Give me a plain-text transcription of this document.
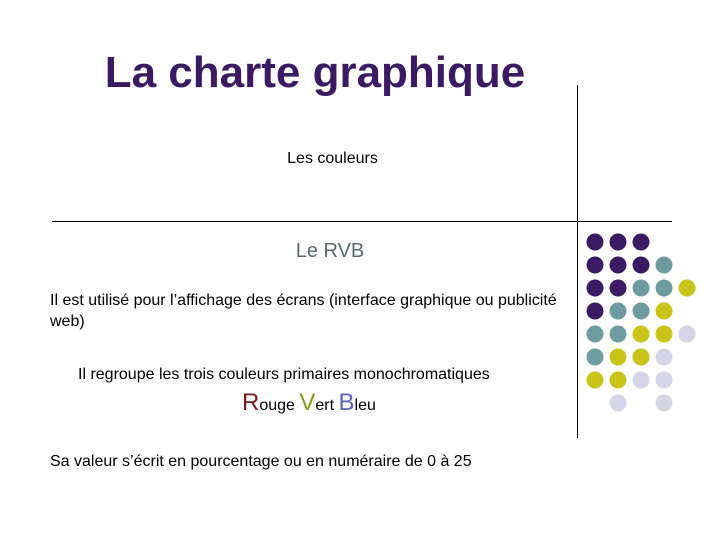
La charte graphique
Les couleurs
Le RVB
Il est utilisé pour l’affichage des écrans (interface graphique ou publicité web)
Il regroupe les trois couleurs primaires monochromatiques
Rouge Vert Bleu
Sa valeur s’écrit en pourcentage ou en numéraire de 0 à 25
